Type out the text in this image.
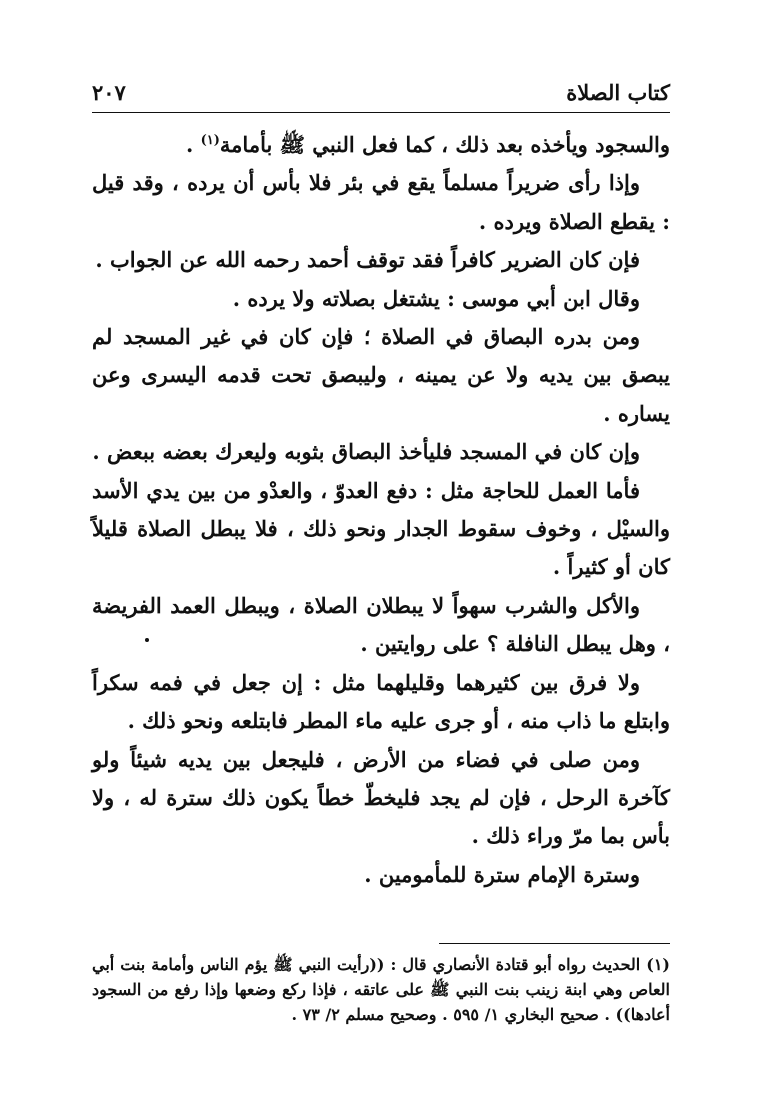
كتاب الصلاة
٢٠٧

والسجود ويأخذه بعد ذلك ، كما فعل النبي ﷺ بأمامة$^{(١)}$ .

وإذا رأى ضريراً مسلماً يقع في بئر فلا بأس أن يرده ، وقد قيل : يقطع الصلاة ويرده .

فإن كان الضرير كافراً فقد توقف أحمد رحمه الله عن الجواب .

وقال ابن أبي موسى : يشتغل بصلاته ولا يرده .

ومن بدره البصاق في الصلاة ؛ فإن كان في غير المسجد لم يبصق بين يديه ولا عن يمينه ، وليبصق تحت قدمه اليسرى وعن يساره .

وإن كان في المسجد فليأخذ البصاق بثوبه وليعرك بعضه ببعض .

فأما العمل للحاجة مثل : دفع العدوّ ، والعدْو من بين يدي الأسد والسيْل ، وخوف سقوط الجدار ونحو ذلك ، فلا يبطل الصلاة قليلاً كان أو كثيراً .

والأكل والشرب سهواً لا يبطلان الصلاة ، ويبطل العمد الفريضة ، وهل يبطل النافلة ؟ على روايتين .

ولا فرق بين كثيرهما وقليلهما مثل : إن جعل في فمه سكراً وابتلع ما ذاب منه ، أو جرى عليه ماء المطر فابتلعه ونحو ذلك .

ومن صلى في فضاء من الأرض ، فليجعل بين يديه شيئاً ولو كآخرة الرحل ، فإن لم يجد فليخطّ خطاً يكون ذلك سترة له ، ولا بأس بما مرّ وراء ذلك .

وسترة الإمام سترة للمأمومين .

(١) الحديث رواه أبو قتادة الأنصاري قال : ((رأيت النبي ﷺ يؤم الناس وأمامة بنت أبي العاص وهي ابنة زينب بنت النبي ﷺ على عاتقه ، فإذا ركع وضعها وإذا رفع من السجود أعادها)) . صحيح البخاري ١/ ٥٩٥ . وصحيح مسلم ٢/ ٧٣ .
